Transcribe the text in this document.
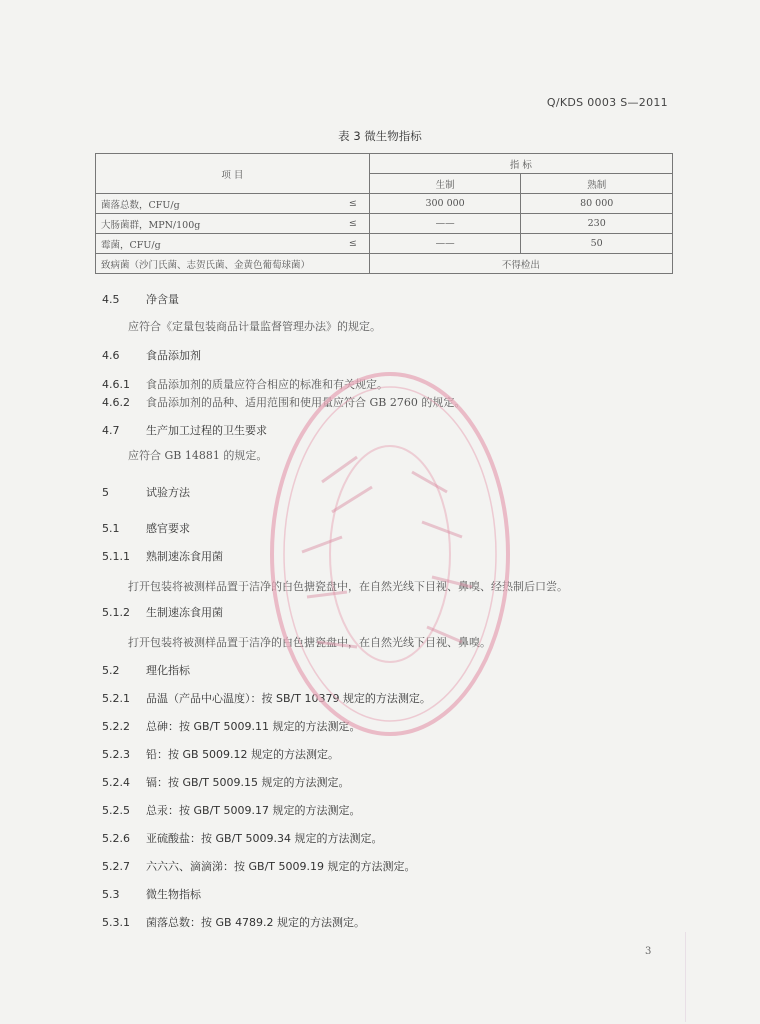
Q/KDS 0003 S—2011
表 3 微生物指标
项 目		指 标	
		生制	熟制
菌落总数，CFU/g	≤	300 000	80 000
大肠菌群，MPN/100g	≤	——	230
霉菌，CFU/g	≤	——	50
致病菌（沙门氏菌、志贺氏菌、金黄色葡萄球菌）		不得检出	
4.5 净含量
应符合《定量包装商品计量监督管理办法》的规定。
4.6 食品添加剂
4.6.1 食品添加剂的质量应符合相应的标准和有关规定。
4.6.2 食品添加剂的品种、适用范围和使用量应符合 GB 2760 的规定。
4.7 生产加工过程的卫生要求
应符合 GB 14881 的规定。
5	试验方法
5.1 感官要求
5.1.1 熟制速冻食用菌
打开包装将被测样品置于洁净的白色搪瓷盘中，在自然光线下目视、鼻嗅、经热制后口尝。
5.1.2 生制速冻食用菌
打开包装将被测样品置于洁净的白色搪瓷盘中，在自然光线下目视、鼻嗅。
5.2 理化指标
5.2.1 品温（产品中心温度）：按 SB/T 10379 规定的方法测定。
5.2.2 总砷：按 GB/T 5009.11 规定的方法测定。
5.2.3 铅：按 GB 5009.12 规定的方法测定。
5.2.4 镉：按 GB/T 5009.15 规定的方法测定。
5.2.5 总汞：按 GB/T 5009.17 规定的方法测定。
5.2.6 亚硫酸盐：按 GB/T 5009.34 规定的方法测定。
5.2.7 六六六、滴滴涕：按 GB/T 5009.19 规定的方法测定。
5.3 微生物指标
5.3.1 菌落总数：按 GB 4789.2 规定的方法测定。
3
